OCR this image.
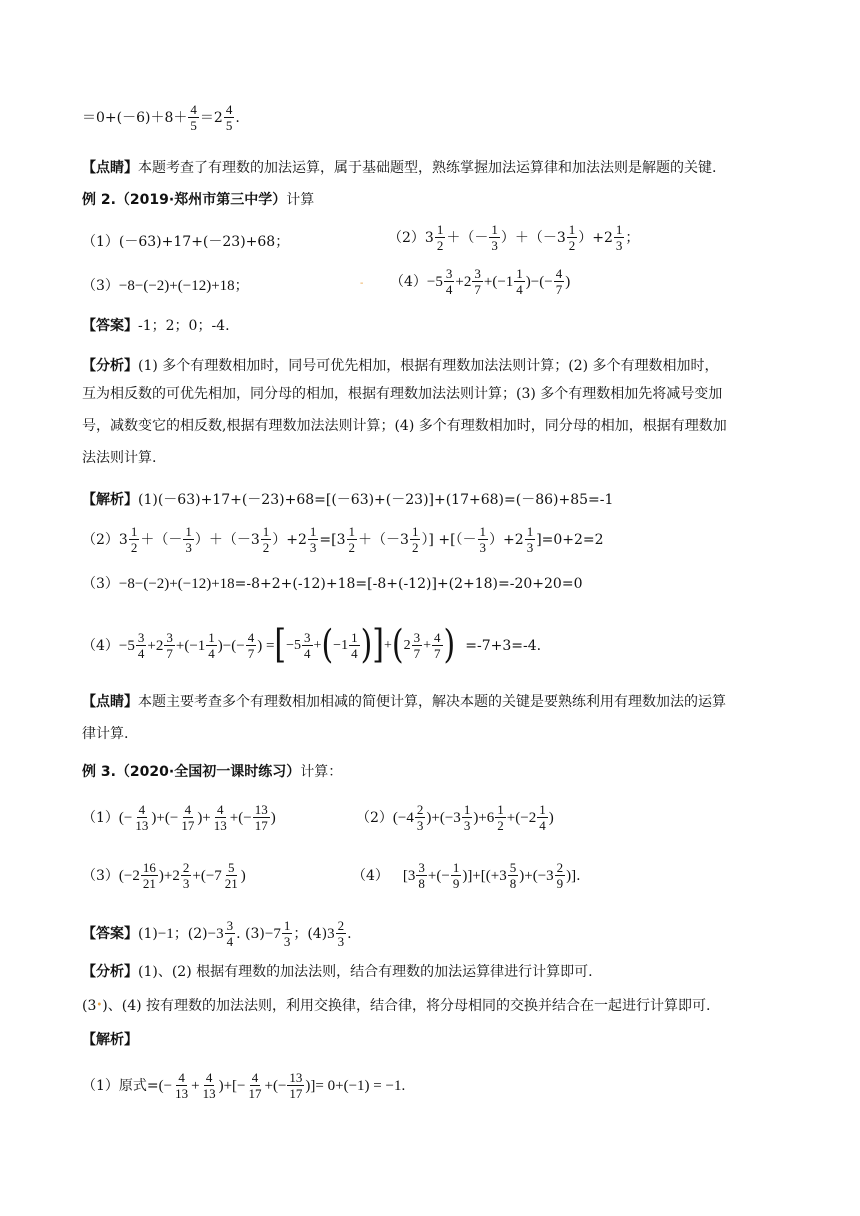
$=0+(-6)+8+ \frac{4}{5} =2 \frac{4}{5}$ .
【点睛】 本题考查了有理数的加法运算，属于基础题型，熟练掌握加法运算律和加法法则是解题的关键.
例 2.（2019·郑州市第三中学） 计算
（1）(－63)+17+(－23)+68；	（2） $3 \frac{1}{2}$ ＋（－ $\frac{1}{3} )+(-3 \frac{1}{2} )+2 \frac{1}{3}$ ；
（3） −8−(−2)+(−12)+18 ；	- $(4) -5 \frac{3}{4} +2 \frac{3}{7} +(-1 \frac{1}{4}$ )−(− $\frac{4}{7}$ )
【答案】 -1；2；0；-4.
【分析】 (1) 多个有理数相加时，同号可优先相加，根据有理数加法法则计算；(2) 多个有理数相加时，
互为相反数的可优先相加，同分母的相加，根据有理数加法法则计算；(3) 多个有理数相加先将减号变加
号，减数变它的相反数,根据有理数加法法则计算；(4) 多个有理数相加时，同分母的相加，根据有理数加
法法则计算.
【解析】 (1)(－63)+17+(－23)+68=[(－63)+(－23)]+(17+68)=(－86)+85=-1
（2） $3 \frac{1}{2}$ ＋（－ $\frac{1}{3} )+(-3 \frac{1}{2} )+2 \frac{1}{3} =[3 \frac{1}{2} +(-3 \frac{1}{2}$ ）] +[（－ $\frac{1}{3} )+2 \frac{1}{3} ]=0+2=2$
（3） −8−(−2)+(−12)+18 =-8+2+(-12)+18=[-8+(-12)]+(2+18)=-20+20=0
$(4) -5 \frac{3}{4} +2 \frac{3}{7} +(-1 \frac{1}{4}$ )−(− $\frac{4}{7}$ ) = [ $-5 \frac{3}{4}$ + ( $-1 \frac{1}{4}$ ) ] + ( $2 \frac{3}{7} + \frac{4}{7}$ ) =-7+3=-4.
【点睛】 本题主要考查多个有理数相加相减的简便计算，解决本题的关键是要熟练利用有理数加法的运算
律计算.
例 3.（2020·全国初一课时练习） 计算：
（1） (− $\frac{4}{13}$ )+(− $\frac{4}{17}$ )+ $\frac{4}{13}$ +(− $\frac{13}{17}$ )	（2） $(-4 \frac{2}{3} )+(-3 \frac{1}{3} )+6 \frac{1}{2} +(-2 \frac{1}{4}$ )
（3） $(-2 \frac{16}{21} )+2 \frac{2}{3} +(-7 \frac{5}{21}$ )	（4） [$3 \frac{3}{8}$ +(− $\frac{1}{9} )]+[(+3 \frac{5}{8} )+(-3 \frac{2}{9}$ )] .
【答案】 (1) −1 ；$(2) -3 \frac{3}{4}$ . $(3) -7 \frac{1}{3}$ ；(4) $3 \frac{2}{3}$ .
【分析】 (1)、(2) 根据有理数的加法法则，结合有理数的加法运算律进行计算即可.
(3 • )、(4) 按有理数的加法法则，利用交换律，结合律，将分母相同的交换并结合在一起进行计算即可.
【解析】
（1）原式= (− $\frac{4}{13} + \frac{4}{13}$ )+[− $\frac{4}{17}$ +(− $\frac{13}{17}$ )] = 0+(−1) = −1.
